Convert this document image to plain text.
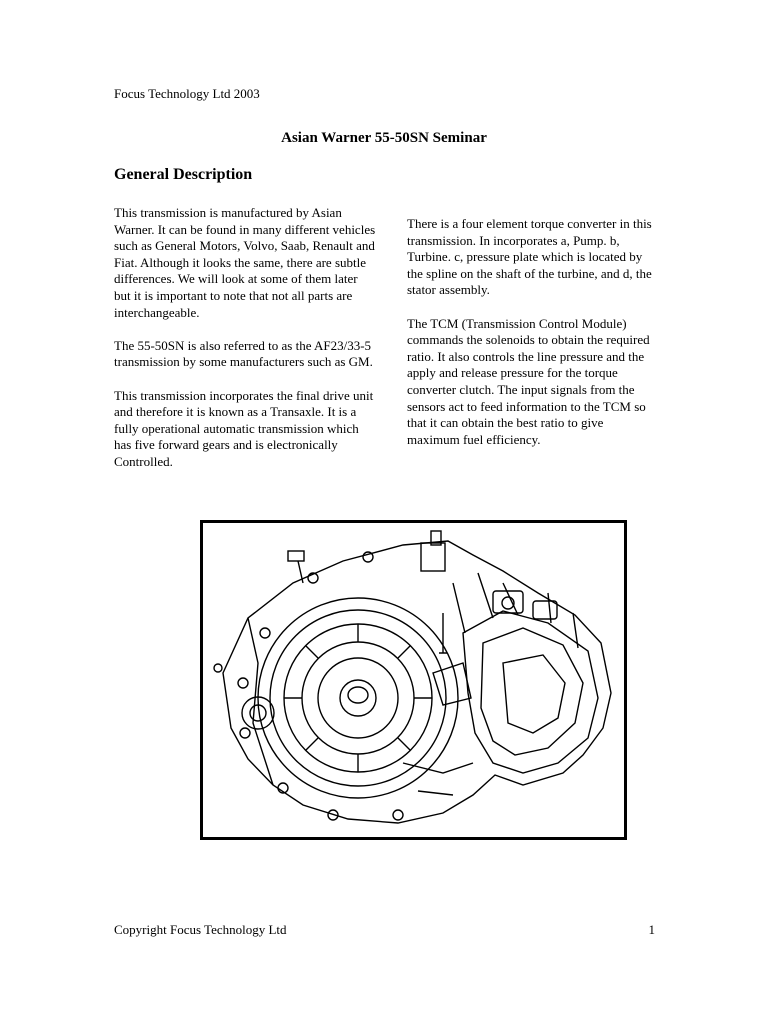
Focus Technology Ltd 2003
Asian Warner 55-50SN Seminar
General Description

This transmission is manufactured by Asian Warner. It can be found in many different vehicles such as General Motors, Volvo, Saab, Renault and Fiat. Although it looks the same, there are subtle differences. We will look at some of them later but it is important to note that not all parts are interchangeable.

The 55-50SN is also referred to as the AF23/33-5 transmission by some manufacturers such as GM.

This transmission incorporates the final drive unit and therefore it is known as a Transaxle. It is a fully operational automatic transmission which has five forward gears and is electronically Controlled.

There is a four element torque converter in this transmission. In incorporates a, Pump. b, Turbine. c, pressure plate which is located by the spline on the shaft of the turbine, and d, the stator assembly.

The TCM (Transmission Control Module) commands the solenoids to obtain the required ratio. It also controls the line pressure and the apply and release pressure for the torque converter clutch. The input signals from the sensors act to feed information to the TCM so that it can obtain the best ratio to give maximum fuel efficiency.

Copyright Focus Technology Ltd	1
